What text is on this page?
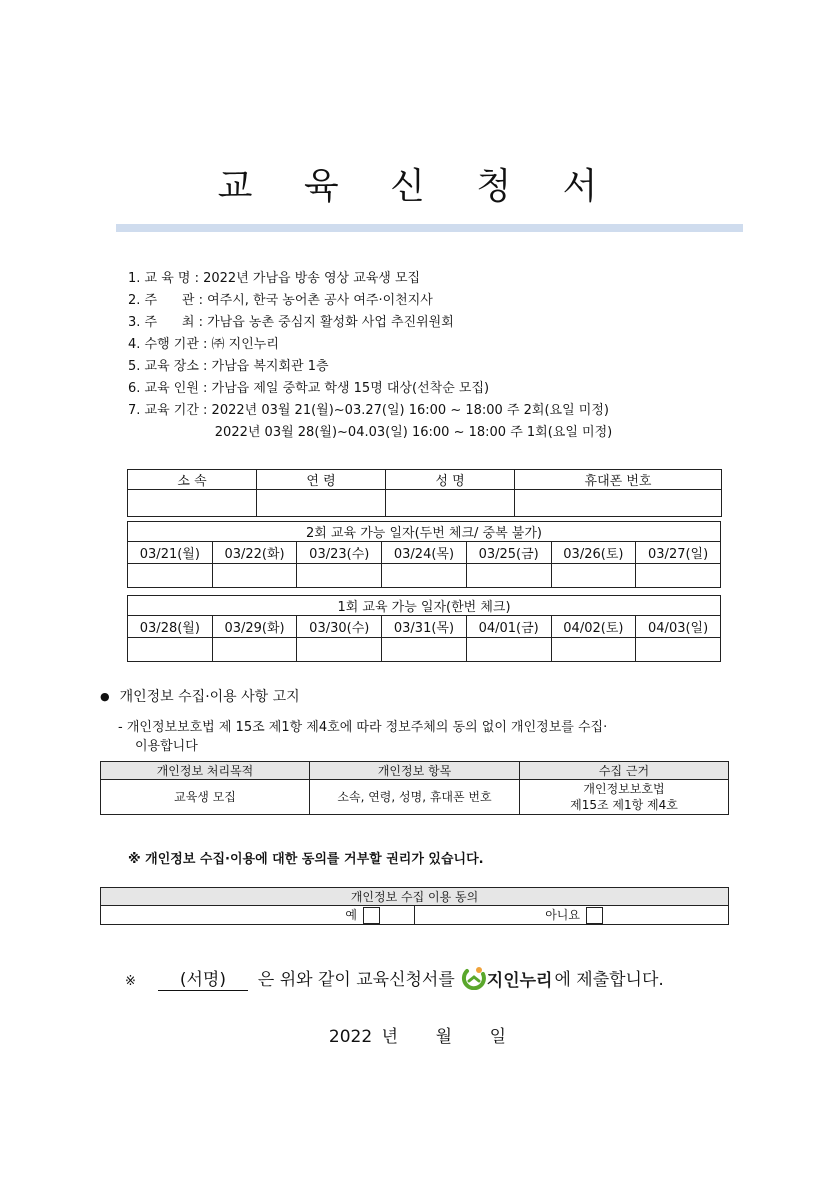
교 육 신 청 서
1. 교 육 명 : 2022년 가남읍 방송 영상 교육생 모집
2. 주      관 : 여주시, 한국 농어촌 공사 여주·이천지사
3. 주      최 : 가남읍 농촌 중심지 활성화 사업 추진위원회
4. 수행 기관 : ㈜ 지인누리
5. 교육 장소 : 가남읍 복지회관 1층
6. 교육 인원 : 가남읍 제일 중학교 학생 15명 대상(선착순 모집)
7. 교육 기간 : 2022년 03월 21(월)~03.27(일) 16:00 ~ 18:00 주 2회(요일 미정)
2022년 03월 28(월)~04.03(일) 16:00 ~ 18:00 주 1회(요일 미정)
소 속	연 령	성 명	휴대폰 번호

2회 교육 가능 일자(두번 체크/ 중복 불가)						
03/21(월)	03/22(화)	03/23(수)	03/24(목)	03/25(금)	03/26(토)	03/27(일)

1회 교육 가능 일자(한번 체크)						
03/28(월)	03/29(화)	03/30(수)	03/31(목)	04/01(금)	04/02(토)	04/03(일)

● 개인정보 수집·이용 사항 고지
- 개인정보보호법 제 15조 제1항 제4호에 따라 정보주체의 동의 없이 개인정보를 수집·
이용합니다
개인정보 처리목적	개인정보 항목	수집 근거
교육생 모집	소속, 연령, 성명, 휴대폰 번호	개인정보보호법
제15조 제1항 제4호
※ 개인정보 수집·이용에 대한 동의를 거부할 권리가 있습니다.
개인정보 수집 이용 동의
예	아니요
※	(서명) 은 위와 같이 교육신청서를 지인누리 에 제출합니다.
2022 년    월    일
